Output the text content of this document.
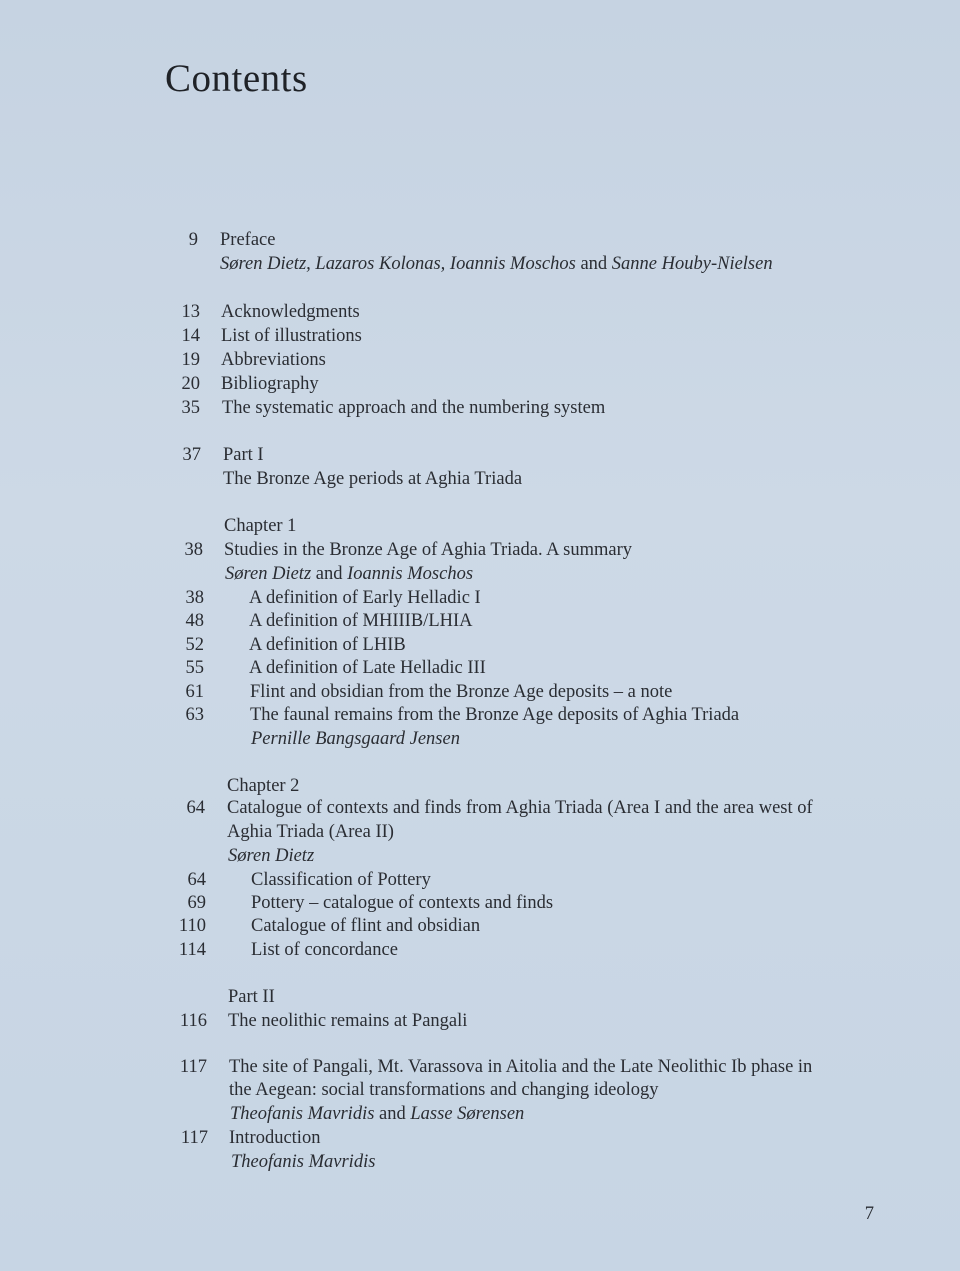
Contents
9 Preface
Søren Dietz, Lazaros Kolonas, Ioannis Moschos and Sanne Houby-Nielsen
13 Acknowledgments
14 List of illustrations
19 Abbreviations
20 Bibliography
35 The systematic approach and the numbering system
37 Part I
The Bronze Age periods at Aghia Triada
Chapter 1
38 Studies in the Bronze Age of Aghia Triada. A summary
Søren Dietz and Ioannis Moschos
38 A definition of Early Helladic I
48 A definition of MHIIIB/LHIA
52 A definition of LHIB
55 A definition of Late Helladic III
61 Flint and obsidian from the Bronze Age deposits – a note
63 The faunal remains from the Bronze Age deposits of Aghia Triada
Pernille Bangsgaard Jensen
Chapter 2
64 Catalogue of contexts and finds from Aghia Triada (Area I and the area west of
Aghia Triada (Area II)
Søren Dietz
64 Classification of Pottery
69 Pottery – catalogue of contexts and finds
110 Catalogue of flint and obsidian
114 List of concordance
Part II
116 The neolithic remains at Pangali
117 The site of Pangali, Mt. Varassova in Aitolia and the Late Neolithic Ib phase in
the Aegean: social transformations and changing ideology
Theofanis Mavridis and Lasse Sørensen
117 Introduction
Theofanis Mavridis
7
